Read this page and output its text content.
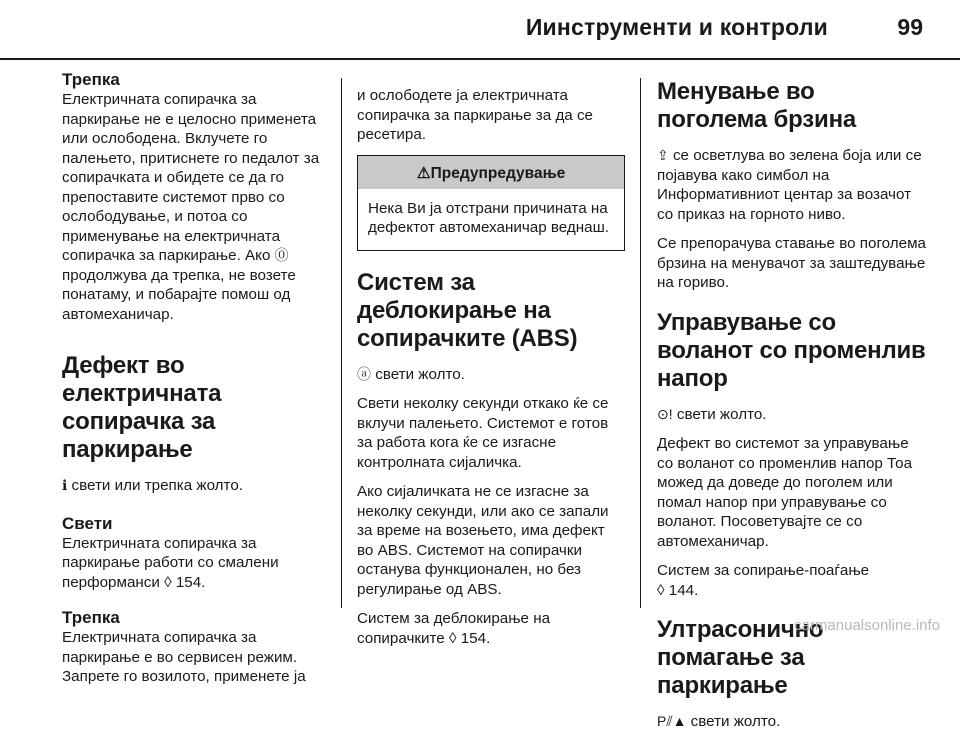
Иинструменти и контроли	99
Трепка

Електричната сопирачка за паркирање не е целосно применета или ослободена. Вклучете го палењето, притиснете го педалот за сопирачката и обидете се да го препоставите системот прво со ослободување, и потоа со применување на електричната сопирачка за паркирање. Ако ⓪ продолжува да трепка, не возете понатаму, и побарајте помош од автомеханичар.

Дефект во електричната сопирачка за паркирање

ℹ свети или трепка жолто.

Свети

Електричната сопирачка за паркирање работи со смалени перформанси ◊ 154.

Трепка

Електричната сопирачка за паркирање е во сервисен режим. Запрете го возилото, применете ја

и ослободете ја електричната сопирачка за паркирање за да се ресетира.

⚠Предупредување

Нека Ви ја отстрани причината на дефектот автомеханичар веднаш.

Систем за деблокирање на сопирачките (ABS)

ⓐ свети жолто.

Свети неколку секунди откако ќе се вклучи палењето. Системот е готов за работа кога ќе се изгасне контролната сијаличка.

Ако сијаличката не се изгасне за неколку секунди, или ако се запали за време на возењето, има дефект во ABS. Системот на сопирачки останува функционален, но без регулирање од ABS.

Систем за деблокирање на сопирачките ◊ 154.

Менување во поголема брзина

⇪ се осветлува во зелена боја или се појавува како симбол на Информативниот центар за возачот со приказ на горното ниво.

Се препорачува ставање во поголема брзина на менувачот за заштедување на гориво.

Управување со воланот со променлив напор

⊙! свети жолто.

Дефект во системот за управување со воланот со променлив напор Тоа можед да доведе до поголем или помал напор при управување со воланот. Посоветувајте се со автомеханичар.

Систем за сопирање-поаѓање
◊ 144.

Ултрасонично помагање за паркирање

P⫽▲ свети жолто.

carmanualsonline.info
